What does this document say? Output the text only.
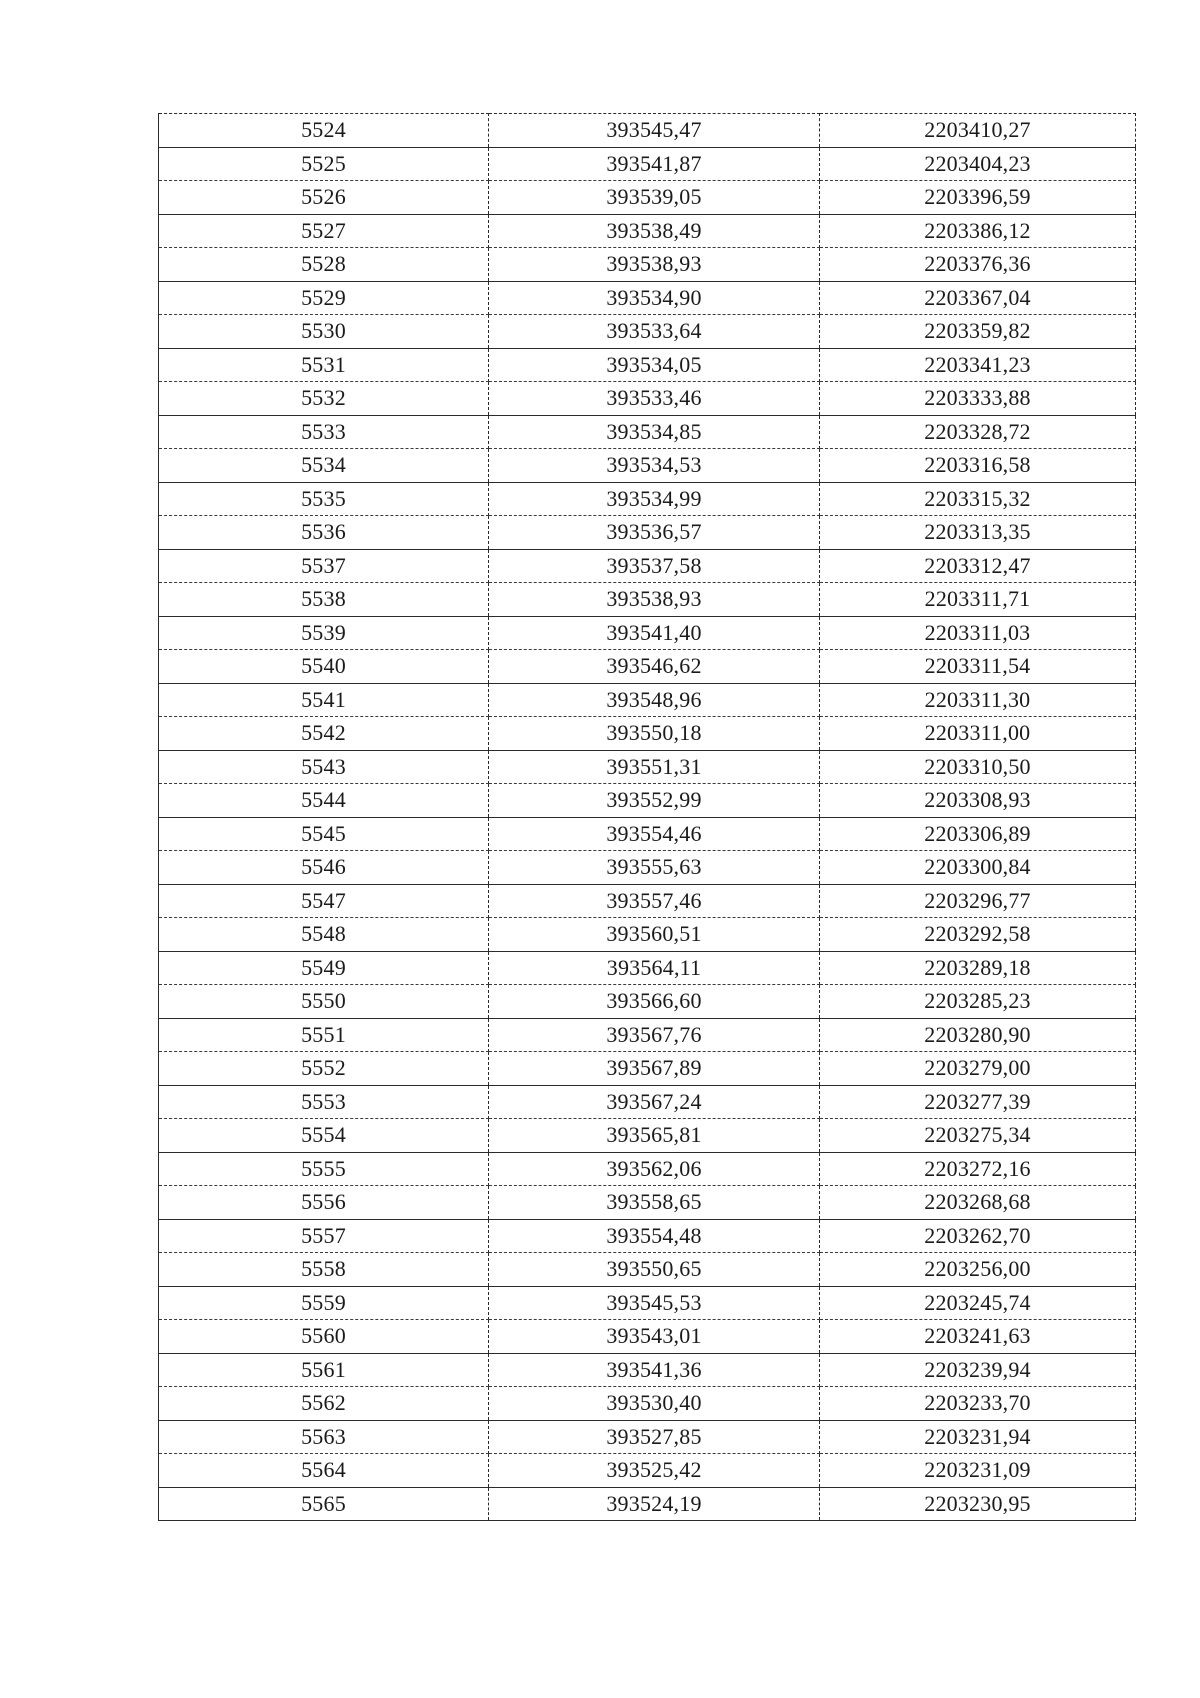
5524	393545,47	2203410,27
5525	393541,87	2203404,23
5526	393539,05	2203396,59
5527	393538,49	2203386,12
5528	393538,93	2203376,36
5529	393534,90	2203367,04
5530	393533,64	2203359,82
5531	393534,05	2203341,23
5532	393533,46	2203333,88
5533	393534,85	2203328,72
5534	393534,53	2203316,58
5535	393534,99	2203315,32
5536	393536,57	2203313,35
5537	393537,58	2203312,47
5538	393538,93	2203311,71
5539	393541,40	2203311,03
5540	393546,62	2203311,54
5541	393548,96	2203311,30
5542	393550,18	2203311,00
5543	393551,31	2203310,50
5544	393552,99	2203308,93
5545	393554,46	2203306,89
5546	393555,63	2203300,84
5547	393557,46	2203296,77
5548	393560,51	2203292,58
5549	393564,11	2203289,18
5550	393566,60	2203285,23
5551	393567,76	2203280,90
5552	393567,89	2203279,00
5553	393567,24	2203277,39
5554	393565,81	2203275,34
5555	393562,06	2203272,16
5556	393558,65	2203268,68
5557	393554,48	2203262,70
5558	393550,65	2203256,00
5559	393545,53	2203245,74
5560	393543,01	2203241,63
5561	393541,36	2203239,94
5562	393530,40	2203233,70
5563	393527,85	2203231,94
5564	393525,42	2203231,09
5565	393524,19	2203230,95
